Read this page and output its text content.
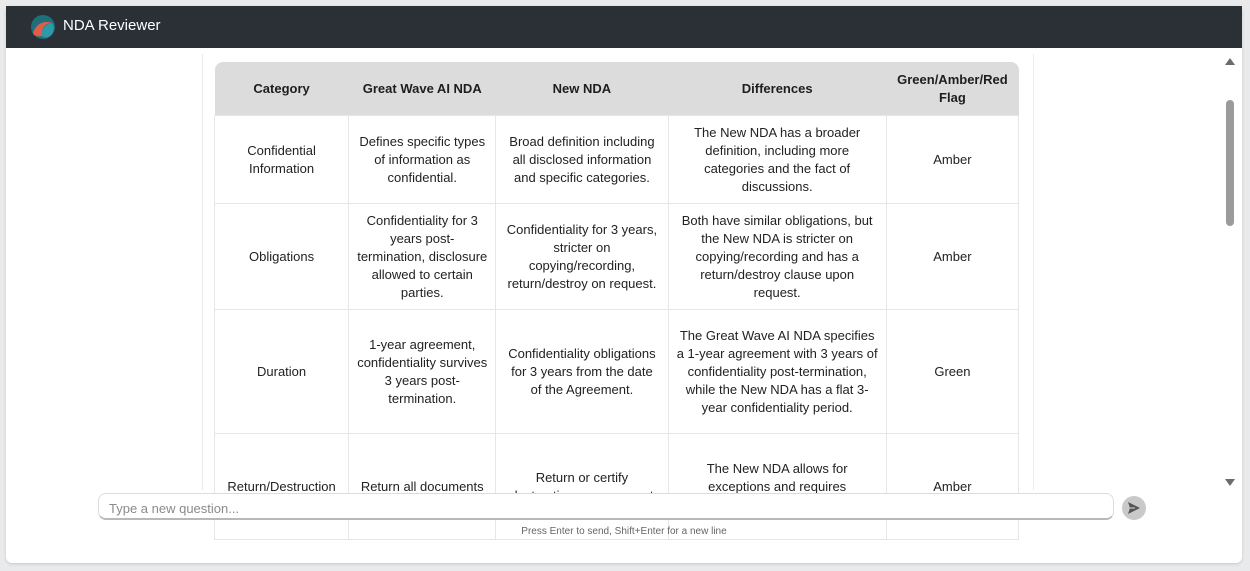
NDA Reviewer
Category	Great Wave AI NDA	New NDA	Differences	Green/Amber/Red Flag
Confidential Information	Defines specific types of information as confidential.	Broad definition including all disclosed information and specific categories.	The New NDA has a broader definition, including more categories and the fact of discussions.	Amber
Obligations	Confidentiality for 3 years post-termination, disclosure allowed to certain parties.	Confidentiality for 3 years, stricter on copying/recording, return/destroy on request.	Both have similar obligations, but the New NDA is stricter on copying/recording and has a return/destroy clause upon request.	Amber
Duration	1-year agreement, confidentiality survives 3 years post-termination.	Confidentiality obligations for 3 years from the date of the Agreement.	The Great Wave AI NDA specifies a 1-year agreement with 3 years of confidentiality post-termination, while the New NDA has a flat 3-year confidentiality period.	Green
Return/Destruction	Return all documents	Return or certify	The New NDA allows for exceptions and requires	Amber
Type a new question...
Press Enter to send, Shift+Enter for a new line
